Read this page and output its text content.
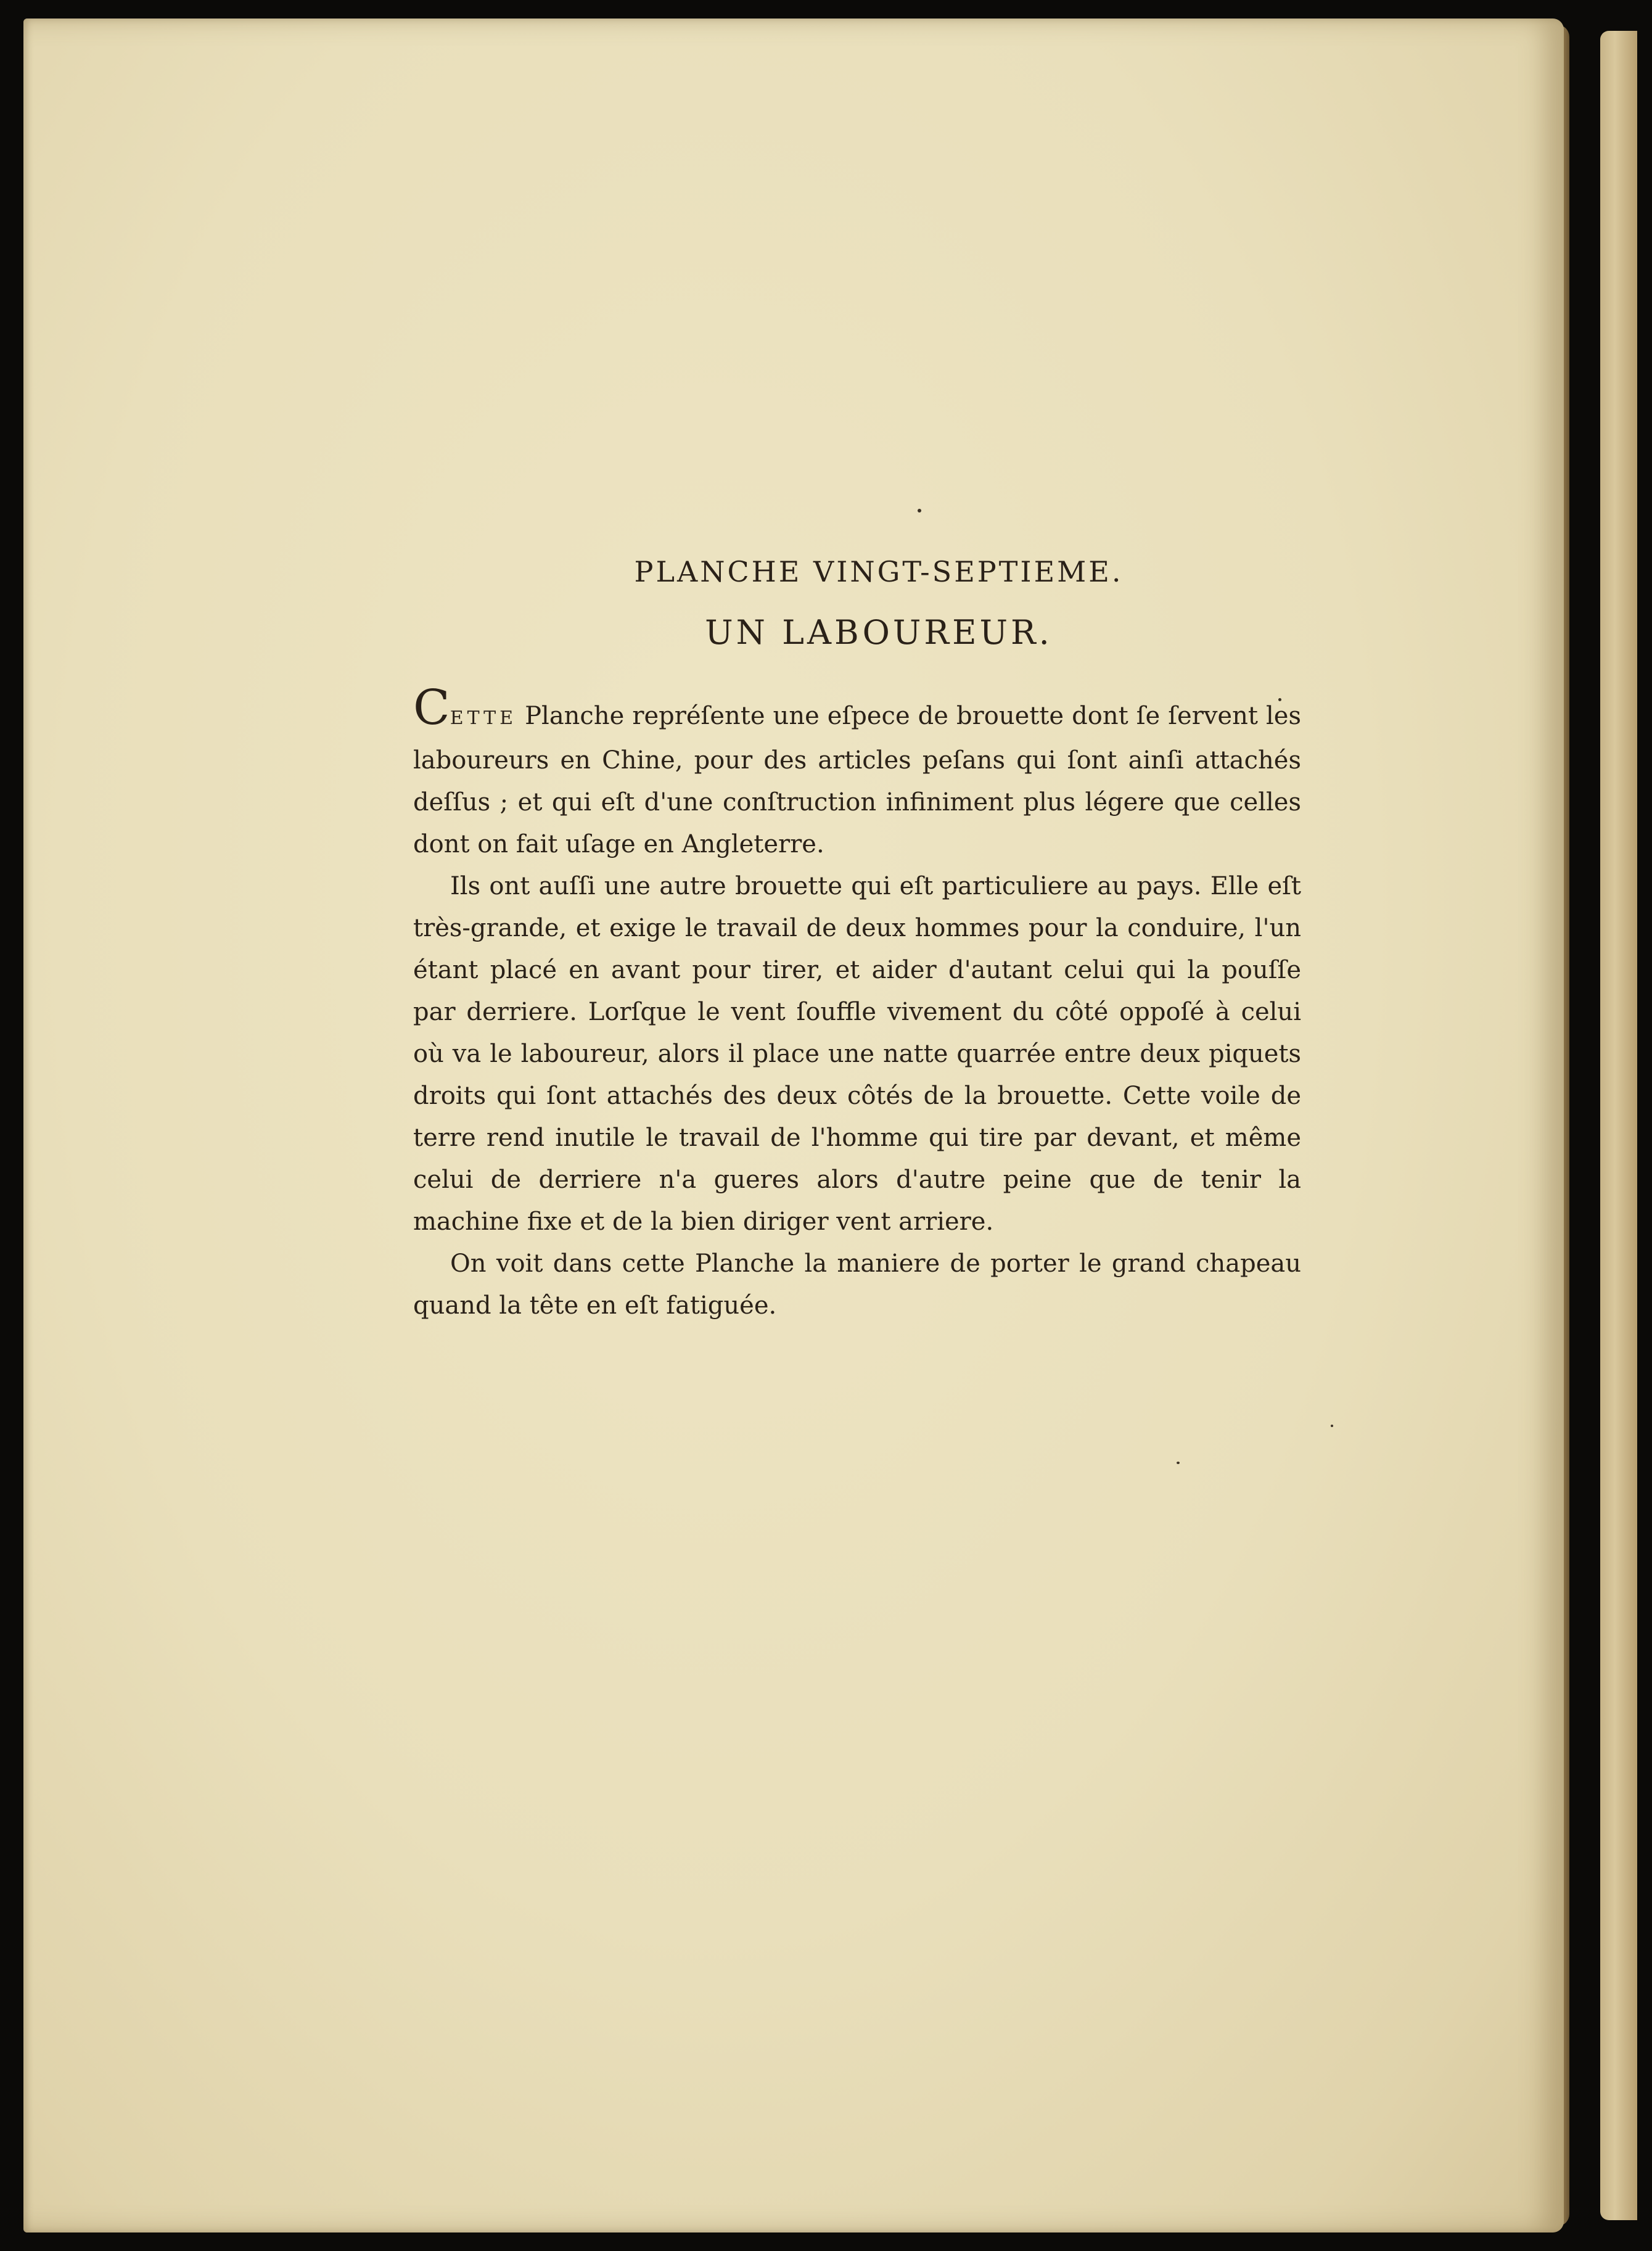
PLANCHE VINGT-SEPTIEME.
UN LABOUREUR.

CETTE Planche repréſente une eſpece de brouette dont ſe ſervent les laboureurs en Chine, pour des articles peſans qui ſont ainſi attachés deſſus ; et qui eſt d'une conſtruction infiniment plus légere que celles dont on fait uſage en Angleterre.

Ils ont auſſi une autre brouette qui eſt particuliere au pays. Elle eſt très-grande, et exige le travail de deux hommes pour la conduire, l'un étant placé en avant pour tirer, et aider d'autant celui qui la pouſſe par derriere. Lorſque le vent ſouffle vivement du côté oppoſé à celui où va le laboureur, alors il place une natte quarrée entre deux piquets droits qui ſont attachés des deux côtés de la brouette. Cette voile de terre rend inutile le travail de l'homme qui tire par devant, et même celui de derriere n'a gueres alors d'autre peine que de tenir la machine fixe et de la bien diriger vent arriere.

On voit dans cette Planche la maniere de porter le grand chapeau quand la tête en eſt fatiguée.
